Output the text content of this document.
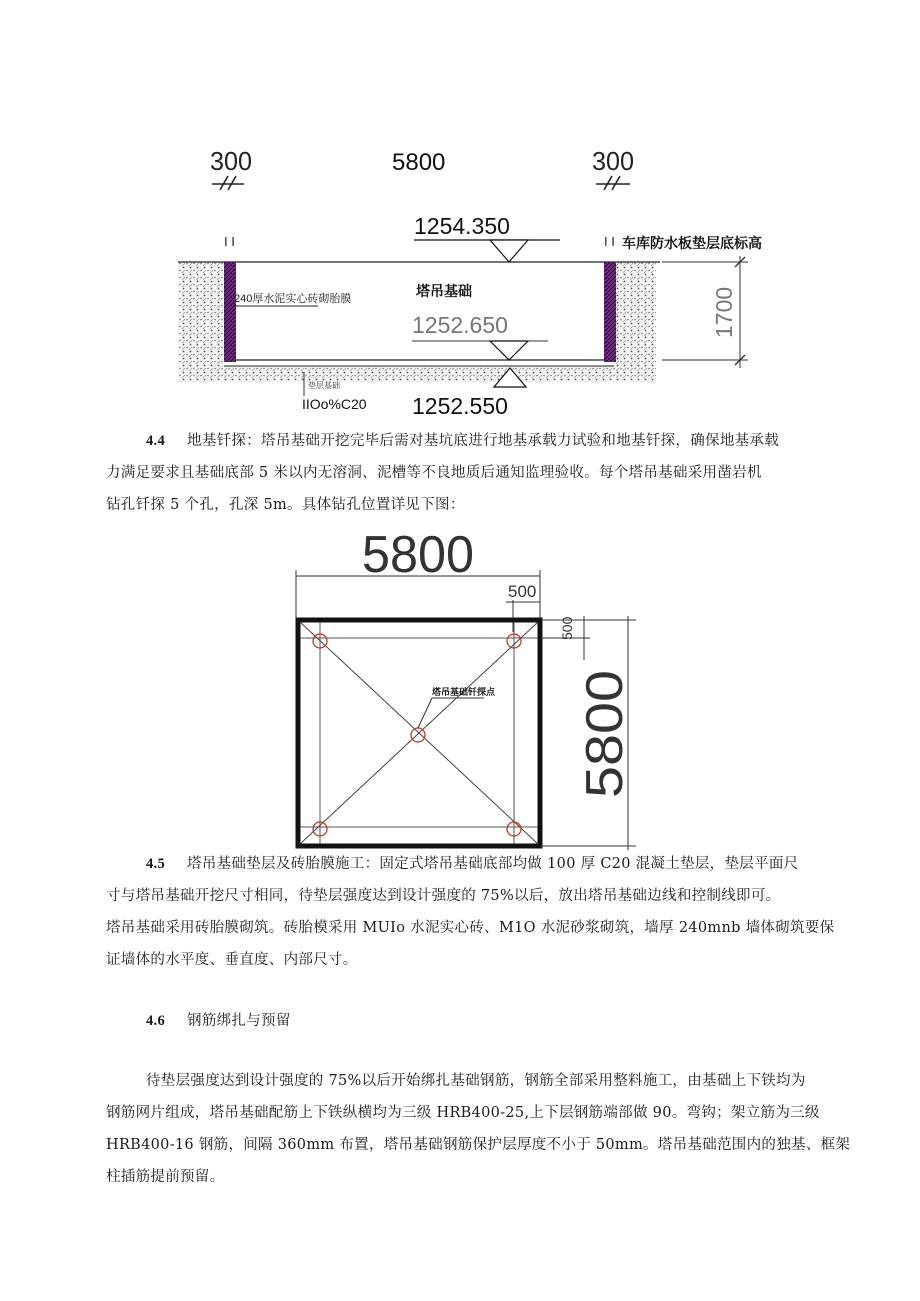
300	5800	300
I I	I I 车库防水板垫层底标高
1254.350
塔吊基础
240厚水泥实心砖砌胎膜
1252.650
垫层基础
IIOo%C20 1252.550
1700
4.4 地基钎探：塔吊基础开挖完毕后需对基坑底进行地基承载力试验和地基钎探，确保地基承载
力满足要求且基础底部 5 米以内无溶洞、泥槽等不良地质后通知监理验收。每个塔吊基础采用凿岩机
钻孔钎探 5 个孔，孔深 5m。具体钻孔位置详见下图：
5800
500
塔吊基础钎探点
500
5800
4.5 塔吊基础垫层及砖胎膜施工：固定式塔吊基础底部均做 100 厚 C20 混凝土垫层，垫层平面尺
寸与塔吊基础开挖尺寸相同，待垫层强度达到设计强度的 75%以后，放出塔吊基础边线和控制线即可。
塔吊基础采用砖胎膜砌筑。砖胎模采用 MUIo 水泥实心砖、M1O 水泥砂浆砌筑，墙厚 240mnb 墙体砌筑要保
证墙体的水平度、垂直度、内部尺寸。
4.6 钢筋绑扎与预留
待垫层强度达到设计强度的 75%以后开始绑扎基础钢筋，钢筋全部采用整料施工，由基础上下铁均为
钢筋网片组成，塔吊基础配筋上下铁纵横均为三级 HRB400-25,上下层钢筋端部做 90。弯钩；架立筋为三级
HRB400-16 钢筋，间隔 360mm 布置，塔吊基础钢筋保护层厚度不小于 50mm。塔吊基础范围内的独基、框架
柱插筋提前预留。
